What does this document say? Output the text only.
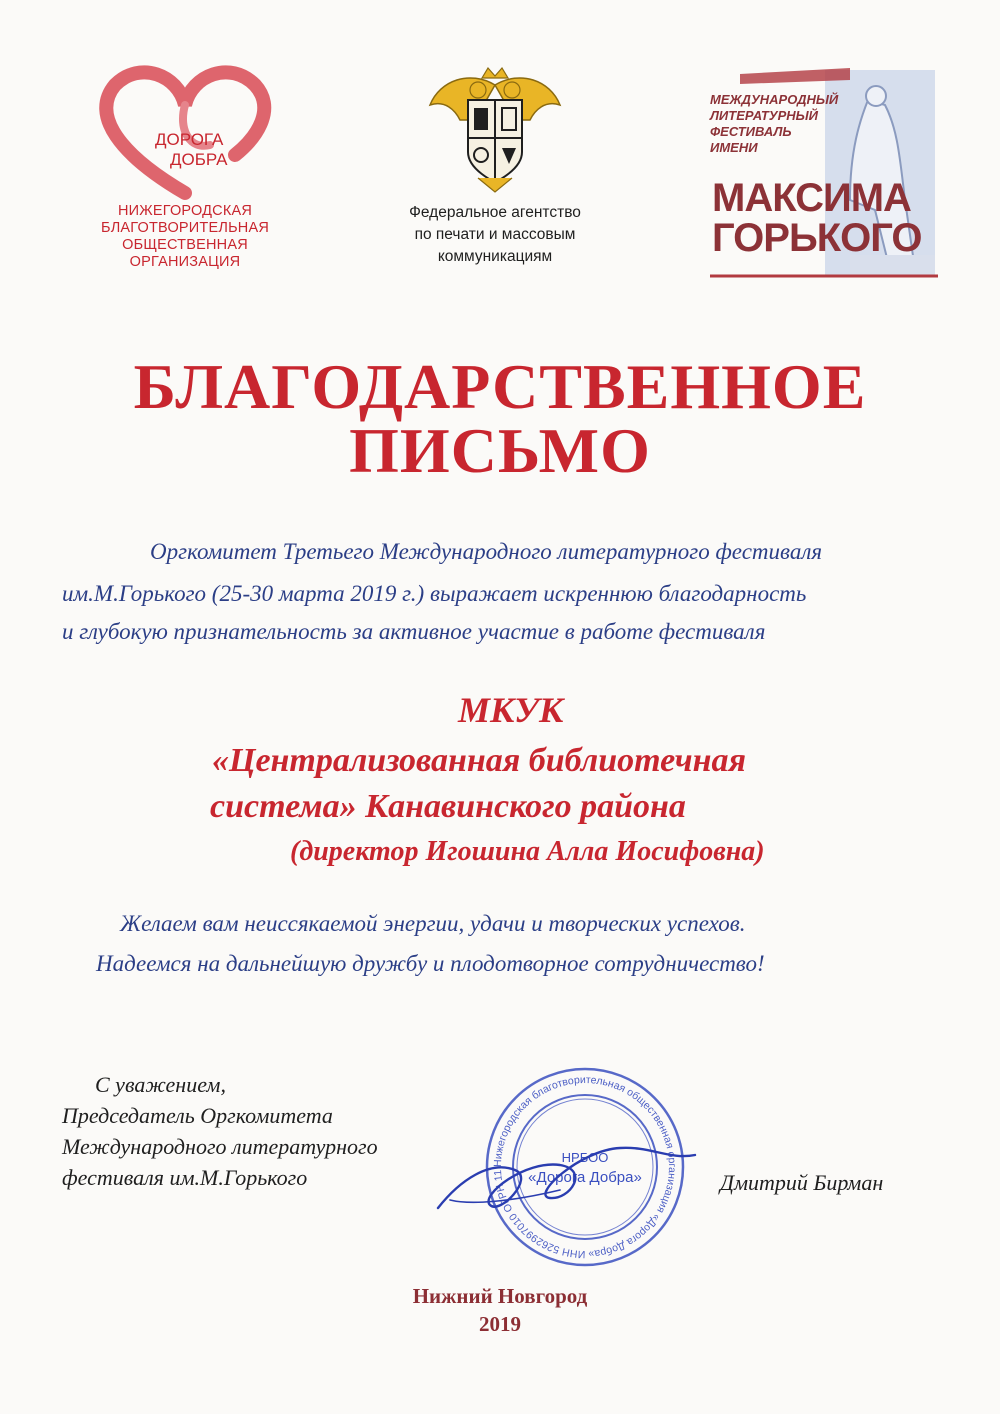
ДОРОГА
ДОБРА
НИЖЕГОРОДСКАЯ
БЛАГОТВОРИТЕЛЬНАЯ
ОБЩЕСТВЕННАЯ
ОРГАНИЗАЦИЯ
Федеральное агентство
по печати и массовым
коммуникациям
МЕЖДУНАРОДНЫЙ
ЛИТЕРАТУРНЫЙ
ФЕСТИВАЛЬ
ИМЕНИ
МАКСИМА
ГОРЬКОГО
БЛАГОДАРСТВЕННОЕ
ПИСЬМО
Оргкомитет Третьего Международного литературного фестиваля
им.М.Горького (25-30 марта 2019 г.) выражает искреннюю благодарность
и глубокую признательность за активное участие в работе фестиваля
МКУК
«Централизованная библиотечная
система» Канавинского района
(директор Игошина Алла Иосифовна)
Желаем вам неиссякаемой энергии, удачи и творческих успехов.
Надеемся на дальнейшую дружбу и плодотворное сотрудничество!
С уважением,
Председатель Оргкомитета
Международного литературного
фестиваля им.М.Горького	Дмитрий Бирман
Нижегородская благотворительная общественная организация «Дорога Добра» ИНН 5262997010 ОГРН 11
НРБОО
«Дорога Добра»
Нижний Новгород
2019
